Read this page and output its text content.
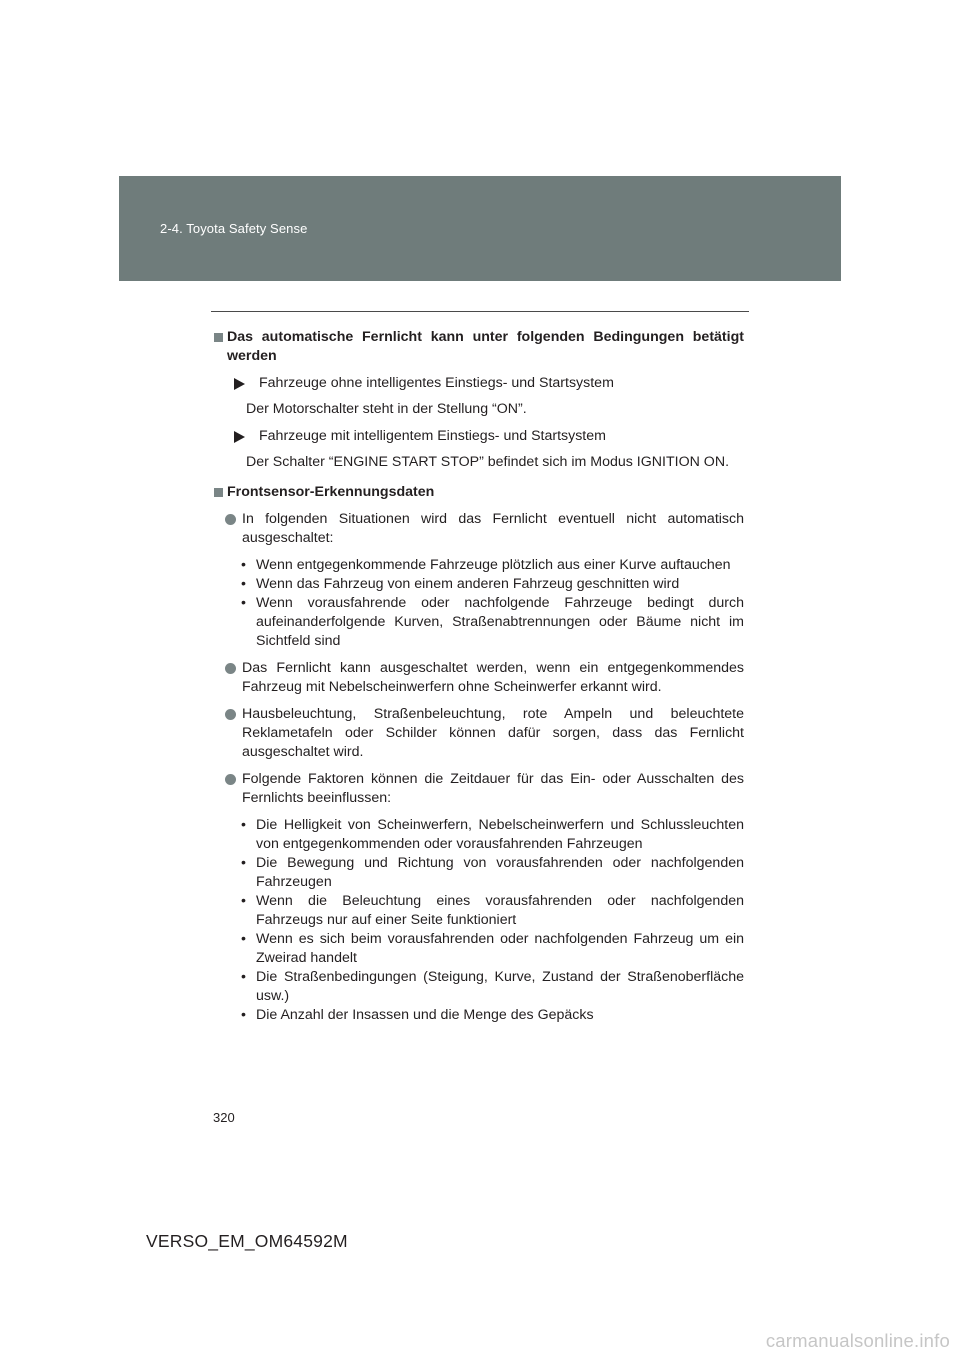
2-4. Toyota Safety Sense

Das automatische Fernlicht kann unter folgenden Bedingungen betätigt werden

Fahrzeuge ohne intelligentes Einstiegs- und Startsystem
Der Motorschalter steht in der Stellung “ON”.
Fahrzeuge mit intelligentem Einstiegs- und Startsystem
Der Schalter “ENGINE START STOP” befindet sich im Modus IGNITION ON.

Frontsensor-Erkennungsdaten

In folgenden Situationen wird das Fernlicht eventuell nicht automatisch ausgeschaltet:
• Wenn entgegenkommende Fahrzeuge plötzlich aus einer Kurve auftauchen
• Wenn das Fahrzeug von einem anderen Fahrzeug geschnitten wird
• Wenn vorausfahrende oder nachfolgende Fahrzeuge bedingt durch aufeinanderfolgende Kurven, Straßenabtrennungen oder Bäume nicht im Sichtfeld sind
Das Fernlicht kann ausgeschaltet werden, wenn ein entgegenkommendes Fahrzeug mit Nebelscheinwerfern ohne Scheinwerfer erkannt wird.
Hausbeleuchtung, Straßenbeleuchtung, rote Ampeln und beleuchtete Reklametafeln oder Schilder können dafür sorgen, dass das Fernlicht ausgeschaltet wird.
Folgende Faktoren können die Zeitdauer für das Ein- oder Ausschalten des Fernlichts beeinflussen:
• Die Helligkeit von Scheinwerfern, Nebelscheinwerfern und Schlussleuchten von entgegenkommenden oder vorausfahrenden Fahrzeugen
• Die Bewegung und Richtung von vorausfahrenden oder nachfolgenden Fahrzeugen
• Wenn die Beleuchtung eines vorausfahrenden oder nachfolgenden Fahrzeugs nur auf einer Seite funktioniert
• Wenn es sich beim vorausfahrenden oder nachfolgenden Fahrzeug um ein Zweirad handelt
• Die Straßenbedingungen (Steigung, Kurve, Zustand der Straßenoberfläche usw.)
• Die Anzahl der Insassen und die Menge des Gepäcks
320
VERSO_EM_OM64592M
carmanualsonline.info
